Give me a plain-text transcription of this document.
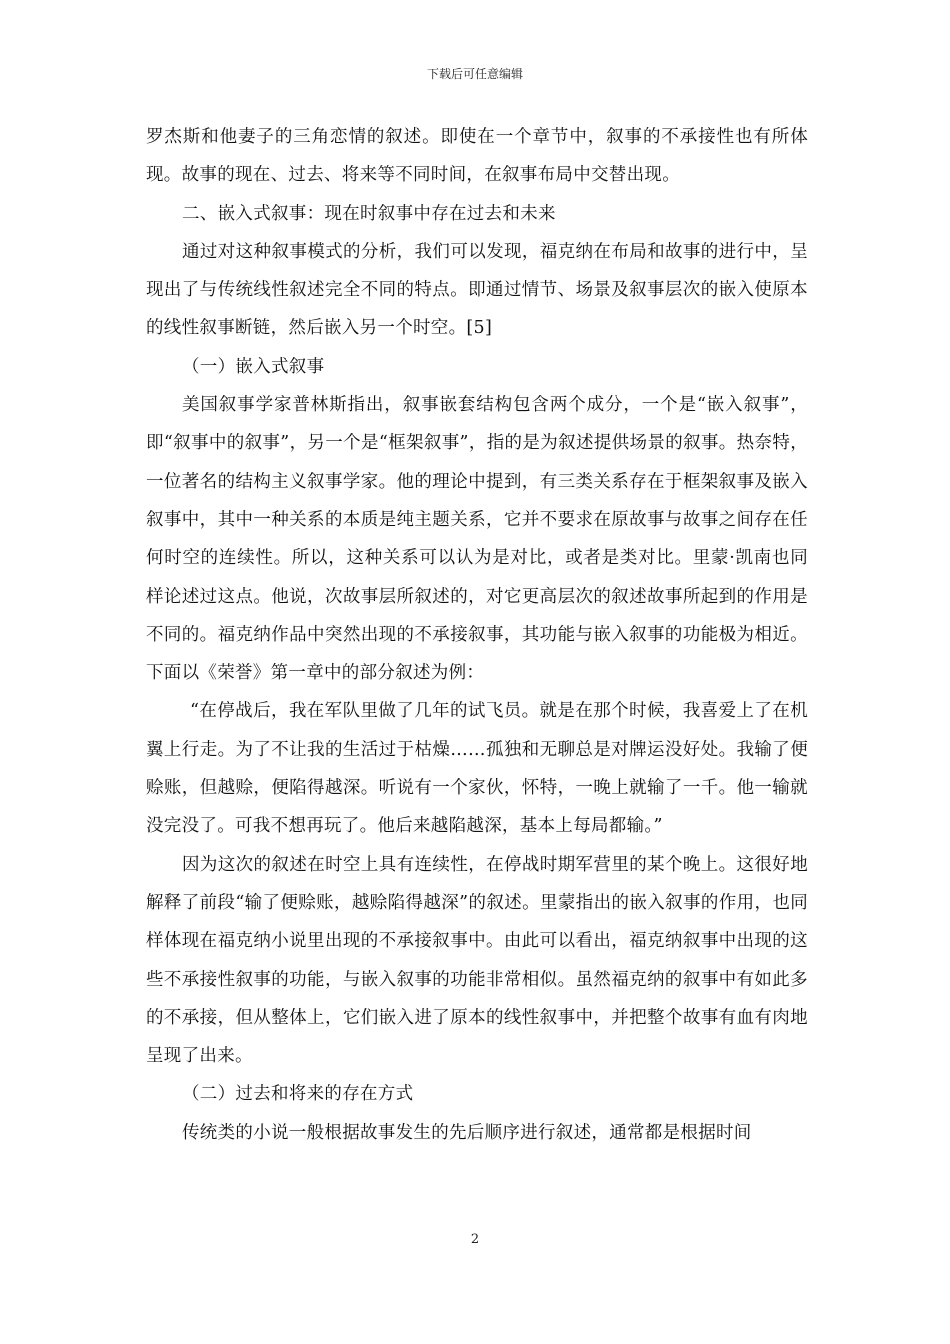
下载后可任意编辑

罗杰斯和他妻子的三角恋情的叙述。即使在一个章节中，叙事的不承接性也有所体现。故事的现在、过去、将来等不同时间，在叙事布局中交替出现。

二、嵌入式叙事：现在时叙事中存在过去和未来

通过对这种叙事模式的分析，我们可以发现，福克纳在布局和故事的进行中，呈现出了与传统线性叙述完全不同的特点。即通过情节、场景及叙事层次的嵌入使原本的线性叙事断链，然后嵌入另一个时空。[5]

（一）嵌入式叙事

美国叙事学家普林斯指出，叙事嵌套结构包含两个成分，一个是“嵌入叙事”，即“叙事中的叙事”，另一个是“框架叙事”，指的是为叙述提供场景的叙事。热奈特，一位著名的结构主义叙事学家。他的理论中提到，有三类关系存在于框架叙事及嵌入叙事中，其中一种关系的本质是纯主题关系，它并不要求在原故事与故事之间存在任何时空的连续性。所以，这种关系可以认为是对比，或者是类对比。里蒙·凯南也同样论述过这点。他说，次故事层所叙述的，对它更高层次的叙述故事所起到的作用是不同的。福克纳作品中突然出现的不承接叙事，其功能与嵌入叙事的功能极为相近。下面以《荣誉》第一章中的部分叙述为例：

“在停战后，我在军队里做了几年的试飞员。就是在那个时候，我喜爱上了在机翼上行走。为了不让我的生活过于枯燥……孤独和无聊总是对牌运没好处。我输了便赊账，但越赊，便陷得越深。听说有一个家伙，怀特，一晚上就输了一千。他一输就没完没了。可我不想再玩了。他后来越陷越深，基本上每局都输。”

因为这次的叙述在时空上具有连续性，在停战时期军营里的某个晚上。这很好地解释了前段“输了便赊账，越赊陷得越深”的叙述。里蒙指出的嵌入叙事的作用，也同样体现在福克纳小说里出现的不承接叙事中。由此可以看出，福克纳叙事中出现的这些不承接性叙事的功能，与嵌入叙事的功能非常相似。虽然福克纳的叙事中有如此多的不承接，但从整体上，它们嵌入进了原本的线性叙事中，并把整个故事有血有肉地呈现了出来。

（二）过去和将来的存在方式

传统类的小说一般根据故事发生的先后顺序进行叙述，通常都是根据时间

2
